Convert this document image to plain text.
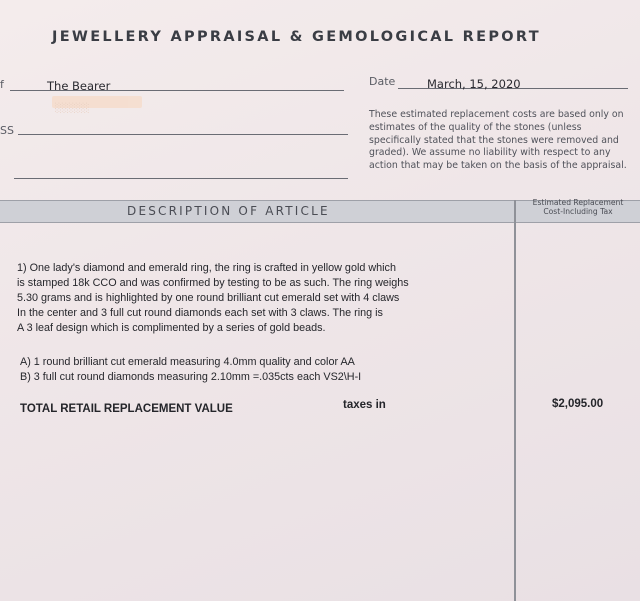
JEWELLERY APPRAISAL & GEMOLOGICAL REPORT
f	The Bearer
░░░░░
SS
Date	March, 15, 2020
These estimated replacement costs are based only on estimates of the quality of the stones (unless specifically stated that the stones were removed and graded). We assume no liability with respect to any action that may be taken on the basis of the appraisal.
DESCRIPTION OF ARTICLE
Estimated Replacement
Cost-Including Tax
1) One lady's diamond and emerald ring, the ring is crafted in yellow gold which
is stamped 18k CCO and was confirmed by testing to be as such. The ring weighs
5.30 grams and is highlighted by one round brilliant cut emerald set with 4 claws
In the center and 3 full cut round diamonds each set with 3 claws. The ring is
A 3 leaf design which is complimented by a series of gold beads.
A) 1 round brilliant cut emerald measuring 4.0mm quality and color AA
B) 3 full cut round diamonds measuring 2.10mm =.035cts each VS2\H-I
TOTAL RETAIL REPLACEMENT VALUE	taxes in	$2,095.00
